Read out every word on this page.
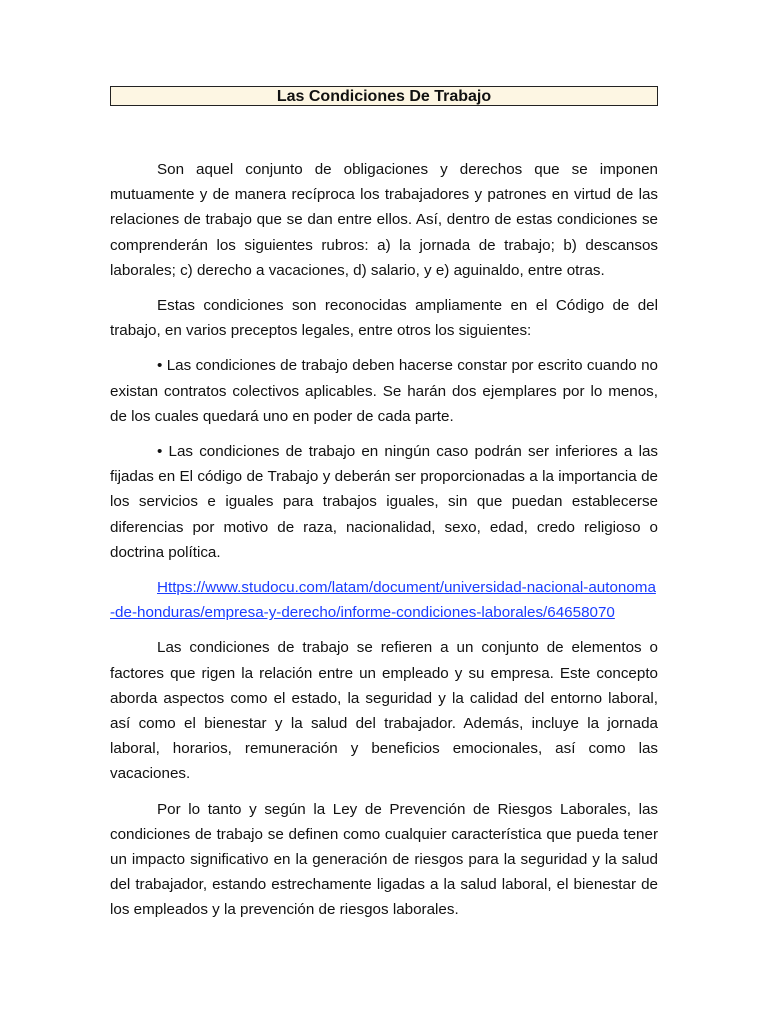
Las Condiciones De Trabajo

Son aquel conjunto de obligaciones y derechos que se imponen mutuamente y de manera recíproca los trabajadores y patrones en virtud de las relaciones de trabajo que se dan entre ellos. Así, dentro de estas condiciones se comprenderán los siguientes rubros: a) la jornada de trabajo; b) descansos laborales; c) derecho a vacaciones, d) salario, y e) aguinaldo, entre otras.

Estas condiciones son reconocidas ampliamente en el Código de del trabajo, en varios preceptos legales, entre otros los siguientes:

• Las condiciones de trabajo deben hacerse constar por escrito cuando no existan contratos colectivos aplicables. Se harán dos ejemplares por lo menos, de los cuales quedará uno en poder de cada parte.

• Las condiciones de trabajo en ningún caso podrán ser inferiores a las fijadas en El código de Trabajo y deberán ser proporcionadas a la importancia de los servicios e iguales para trabajos iguales, sin que puedan establecerse diferencias por motivo de raza, nacionalidad, sexo, edad, credo religioso o doctrina política.

Https://www.studocu.com/latam/document/universidad-nacional-autonoma-de-honduras/empresa-y-derecho/informe-condiciones-laborales/64658070

Las condiciones de trabajo se refieren a un conjunto de elementos o factores que rigen la relación entre un empleado y su empresa. Este concepto aborda aspectos como el estado, la seguridad y la calidad del entorno laboral, así como el bienestar y la salud del trabajador. Además, incluye la jornada laboral, horarios, remuneración y beneficios emocionales, así como las vacaciones.

Por lo tanto y según la Ley de Prevención de Riesgos Laborales, las condiciones de trabajo se definen como cualquier característica que pueda tener un impacto significativo en la generación de riesgos para la seguridad y la salud del trabajador, estando estrechamente ligadas a la salud laboral, el bienestar de los empleados y la prevención de riesgos laborales.
